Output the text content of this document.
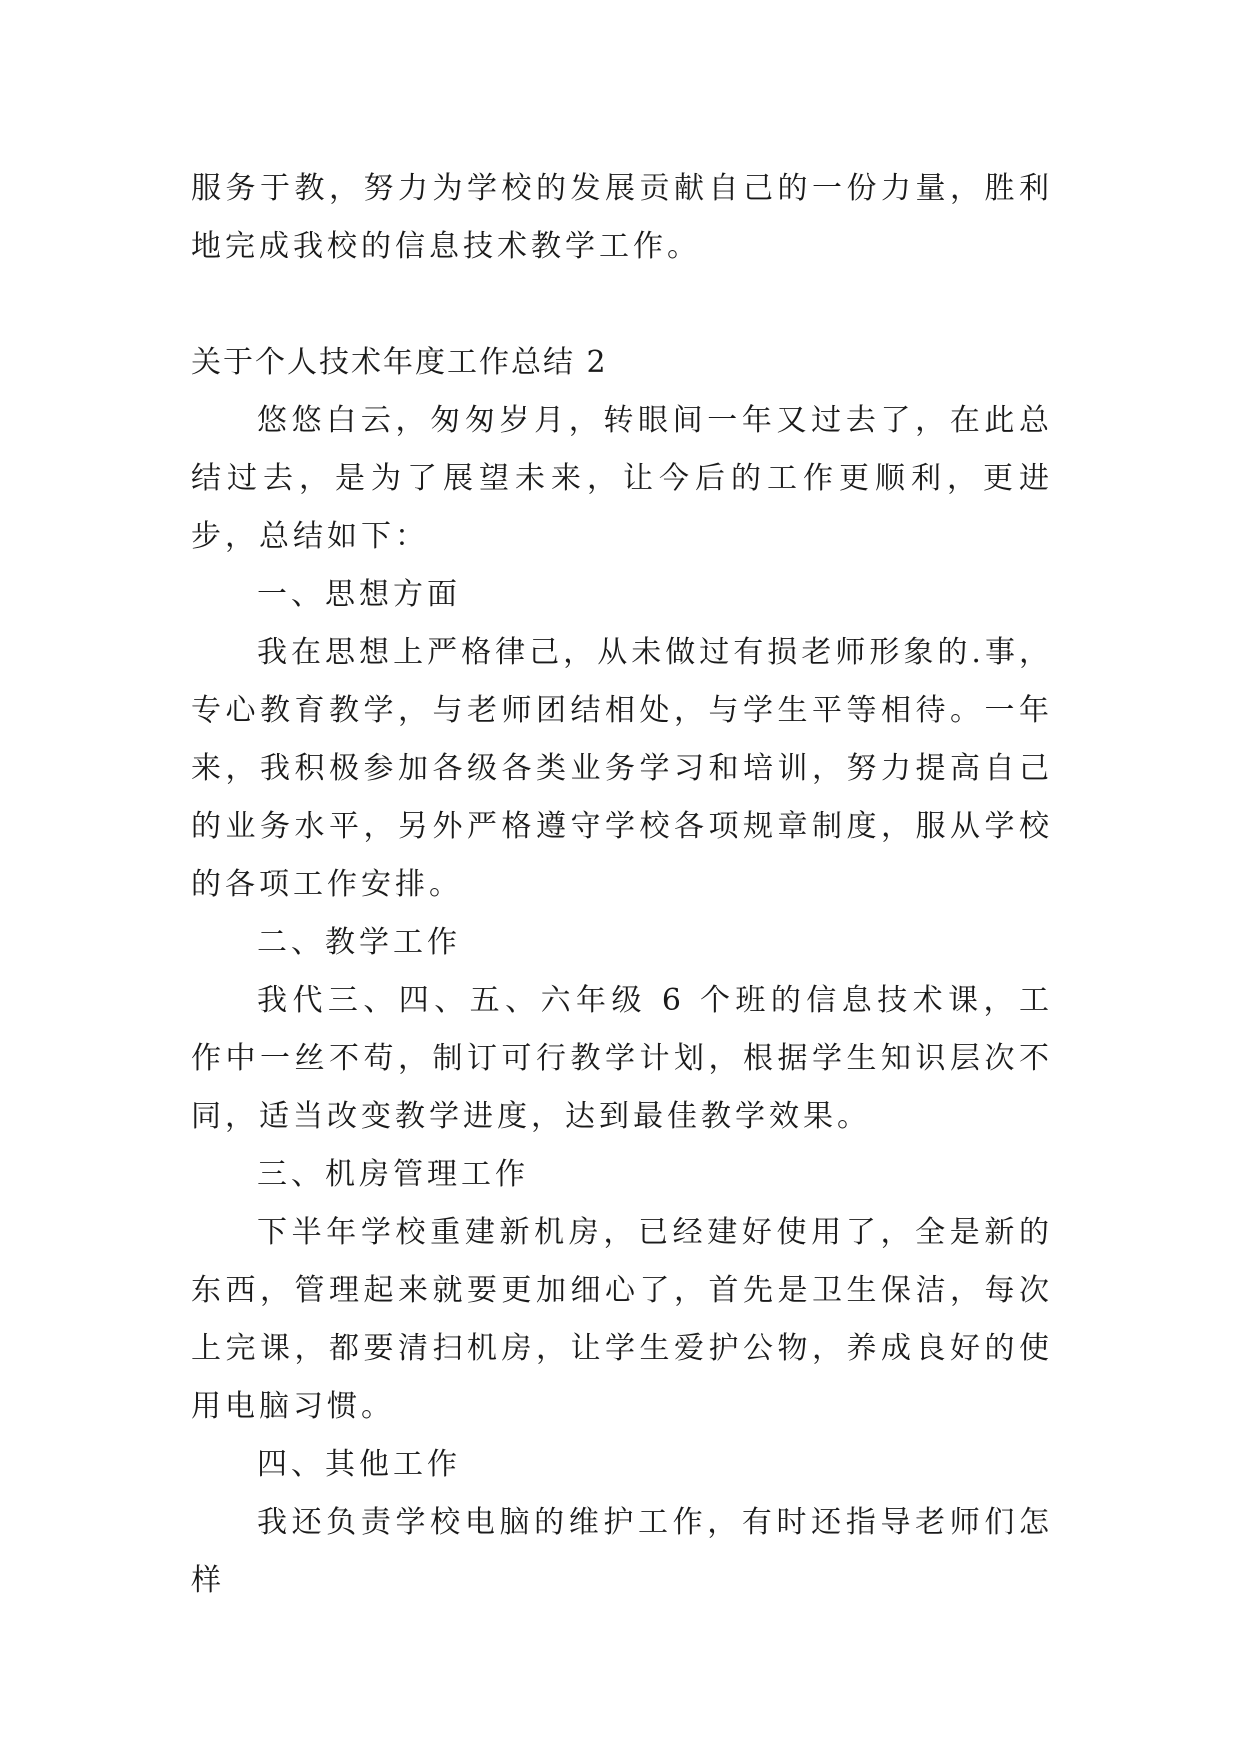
服务于教，努力为学校的发展贡献自己的一份力量，胜利地完成我校的信息技术教学工作。

关于个人技术年度工作总结 2

悠悠白云，匆匆岁月，转眼间一年又过去了，在此总结过去，是为了展望未来，让今后的工作更顺利，更进步，总结如下：

一、思想方面

我在思想上严格律己，从未做过有损老师形象的.事，专心教育教学，与老师团结相处，与学生平等相待。一年来，我积极参加各级各类业务学习和培训，努力提高自己的业务水平，另外严格遵守学校各项规章制度，服从学校的各项工作安排。

二、教学工作

我代三、四、五、六年级 6 个班的信息技术课，工作中一丝不苟，制订可行教学计划，根据学生知识层次不同，适当改变教学进度，达到最佳教学效果。

三、机房管理工作

下半年学校重建新机房，已经建好使用了，全是新的东西，管理起来就要更加细心了，首先是卫生保洁，每次上完课，都要清扫机房，让学生爱护公物，养成良好的使用电脑习惯。

四、其他工作

我还负责学校电脑的维护工作，有时还指导老师们怎样
